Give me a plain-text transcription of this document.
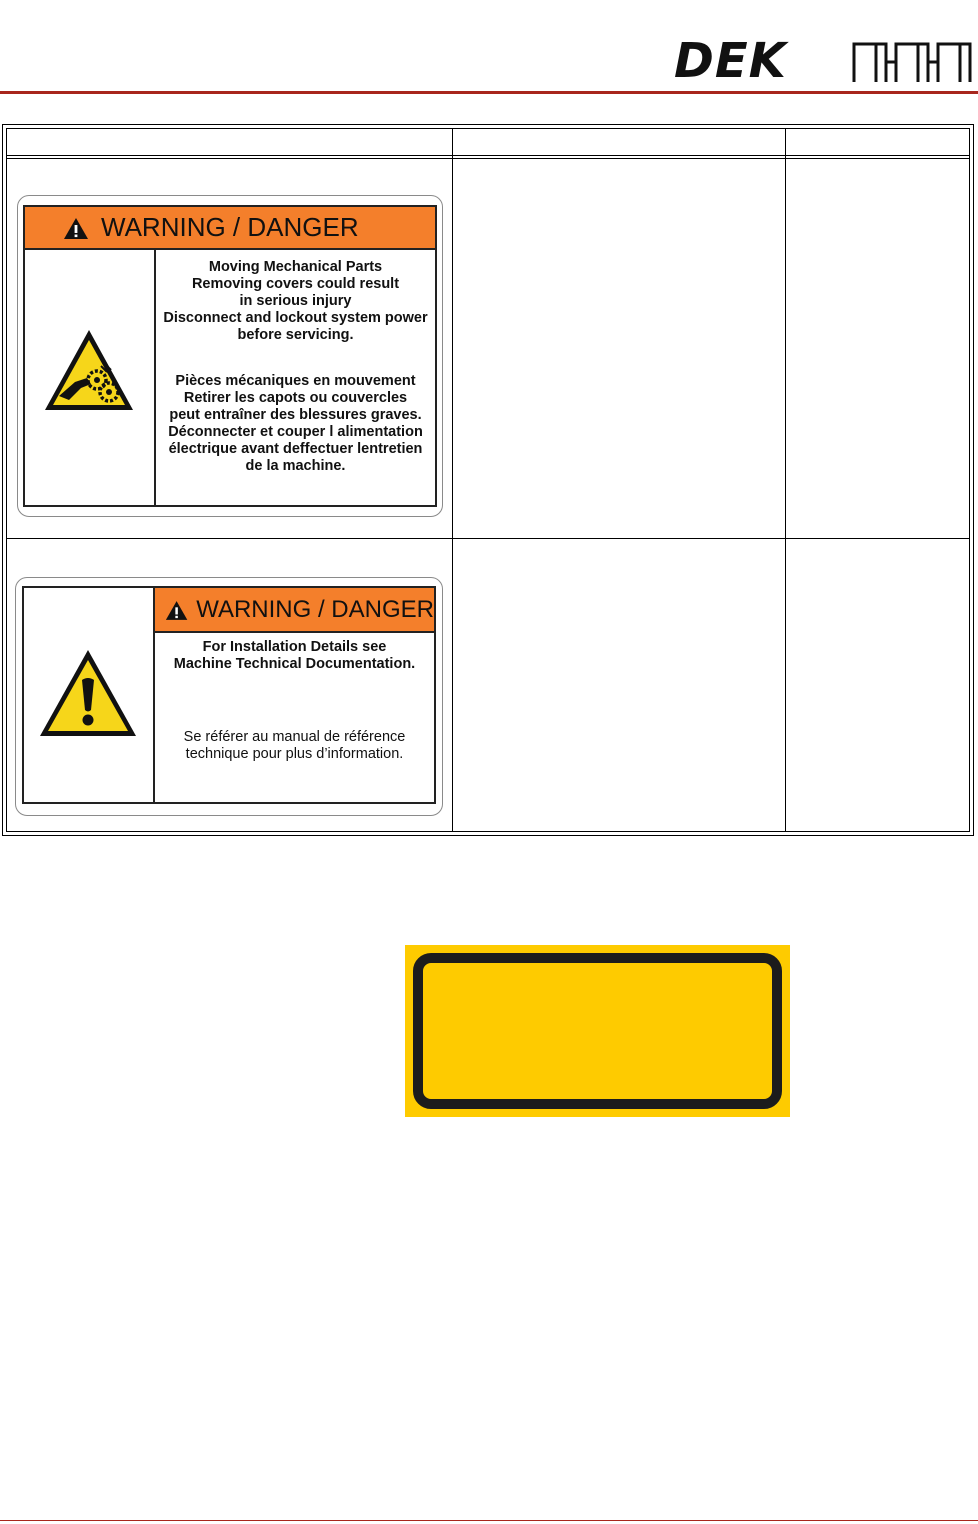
DEK
WARNING / DANGER
Moving Mechanical Parts
Removing covers could result
in serious injury
Disconnect and lockout system power
before servicing.
Pièces mécaniques en mouvement
Retirer les capots ou couvercles
peut entraîner des blessures graves.
Déconnecter et couper l alimentation
électrique avant deffectuer lentretien
de la machine.
WARNING / DANGER
For Installation Details see
Machine Technical Documentation.
Se référer au manual de référence
technique pour plus d’information.
